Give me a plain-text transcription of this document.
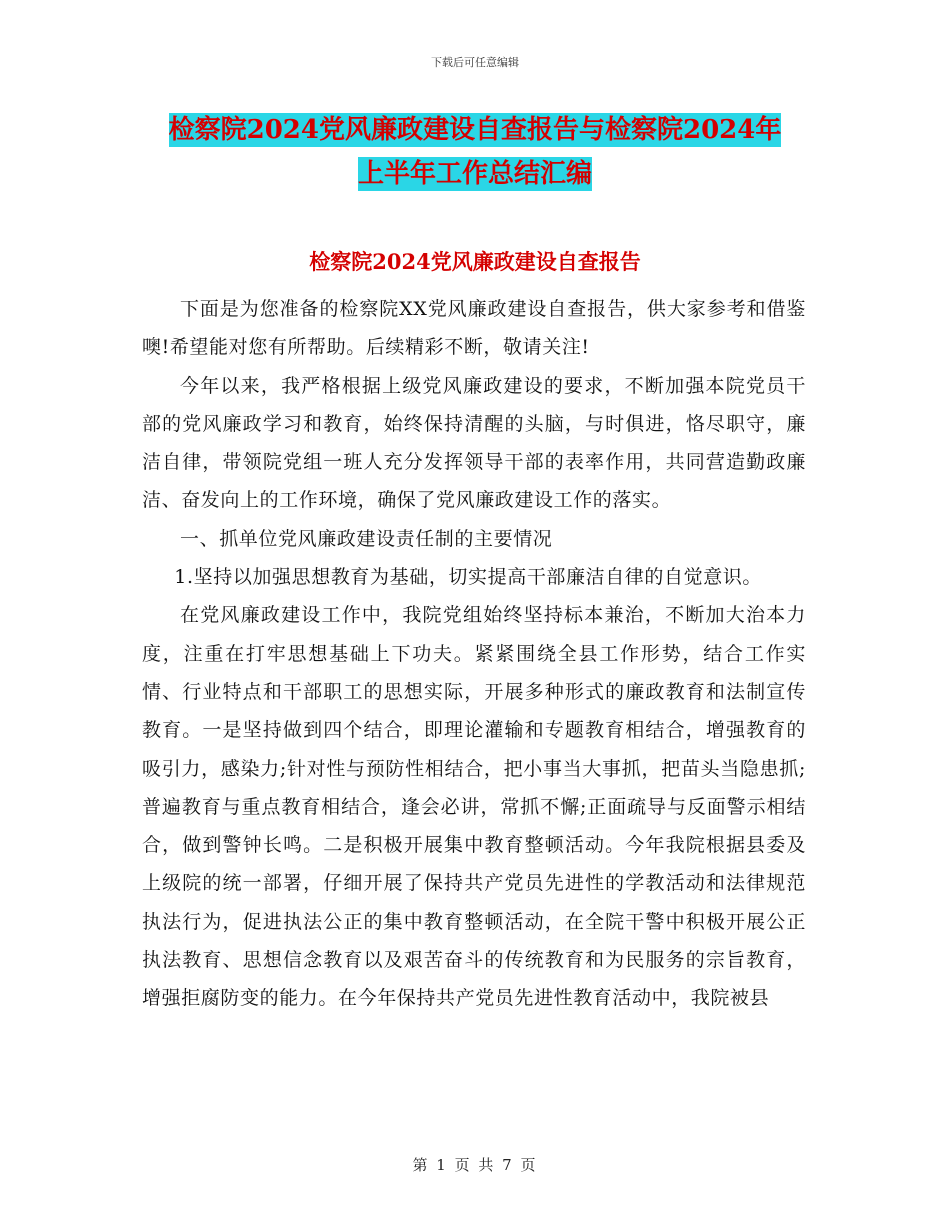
下载后可任意编辑
检察院2024党风廉政建设自查报告与检察院2024年
上半年工作总结汇编
检察院2024党风廉政建设自查报告

下面是为您准备的检察院XX党风廉政建设自查报告，供大家参考和借鉴噢!希望能对您有所帮助。后续精彩不断，敬请关注!

今年以来，我严格根据上级党风廉政建设的要求，不断加强本院党员干部的党风廉政学习和教育，始终保持清醒的头脑，与时俱进，恪尽职守，廉洁自律，带领院党组一班人充分发挥领导干部的表率作用，共同营造勤政廉洁、奋发向上的工作环境，确保了党风廉政建设工作的落实。

一、抓单位党风廉政建设责任制的主要情况

1.坚持以加强思想教育为基础，切实提高干部廉洁自律的自觉意识。

在党风廉政建设工作中，我院党组始终坚持标本兼治，不断加大治本力度，注重在打牢思想基础上下功夫。紧紧围绕全县工作形势，结合工作实情、行业特点和干部职工的思想实际，开展多种形式的廉政教育和法制宣传教育。一是坚持做到四个结合，即理论灌输和专题教育相结合，增强教育的吸引力，感染力;针对性与预防性相结合，把小事当大事抓，把苗头当隐患抓;普遍教育与重点教育相结合，逢会必讲，常抓不懈;正面疏导与反面警示相结合，做到警钟长鸣。二是积极开展集中教育整顿活动。今年我院根据县委及上级院的统一部署，仔细开展了保持共产党员先进性的学教活动和法律规范执法行为，促进执法公正的集中教育整顿活动，在全院干警中积极开展公正执法教育、思想信念教育以及艰苦奋斗的传统教育和为民服务的宗旨教育，增强拒腐防变的能力。在今年保持共产党员先进性教育活动中，我院被县

第 1 页 共 7 页
